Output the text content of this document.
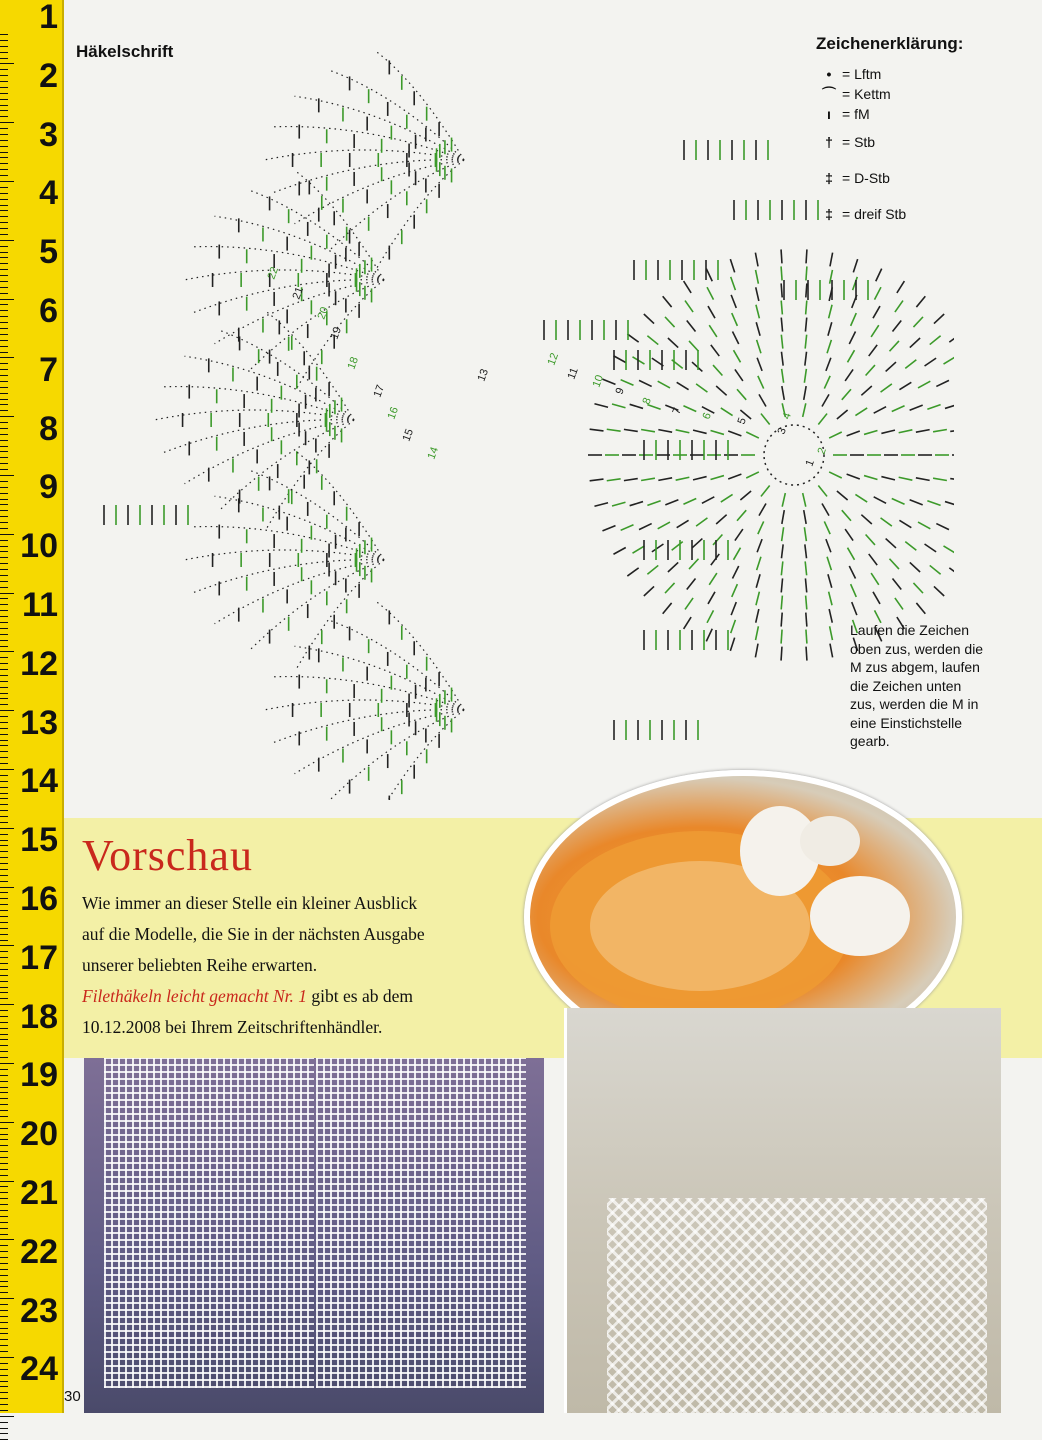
1
2
3
4
5
6
7
8
9
10
11
12
13
14
15
16
17
18
19
20
21
22
23
24
Häkelschrift
1
2
3
4
5
6
7
8
9
10
11
12
13
14
15
16
17
18
19
20
21
22
Zeichenerklärung:
• = Lftm
⌒ = Kettm
ı = fM
† = Stb
‡ = D-Stb
‡ = dreif Stb
Laufen die Zeichen
oben zus, werden die
M zus abgem, laufen
die Zeichen unten
zus, werden die M in
eine Einstichstelle
gearb.
Vorschau
Wie immer an dieser Stelle ein kleiner Ausblick
auf die Modelle, die Sie in der nächsten Ausgabe
unserer beliebten Reihe erwarten.
Filethäkeln leicht gemacht Nr. 1 gibt es ab dem
10.12.2008 bei Ihrem Zeitschriftenhändler.
30
